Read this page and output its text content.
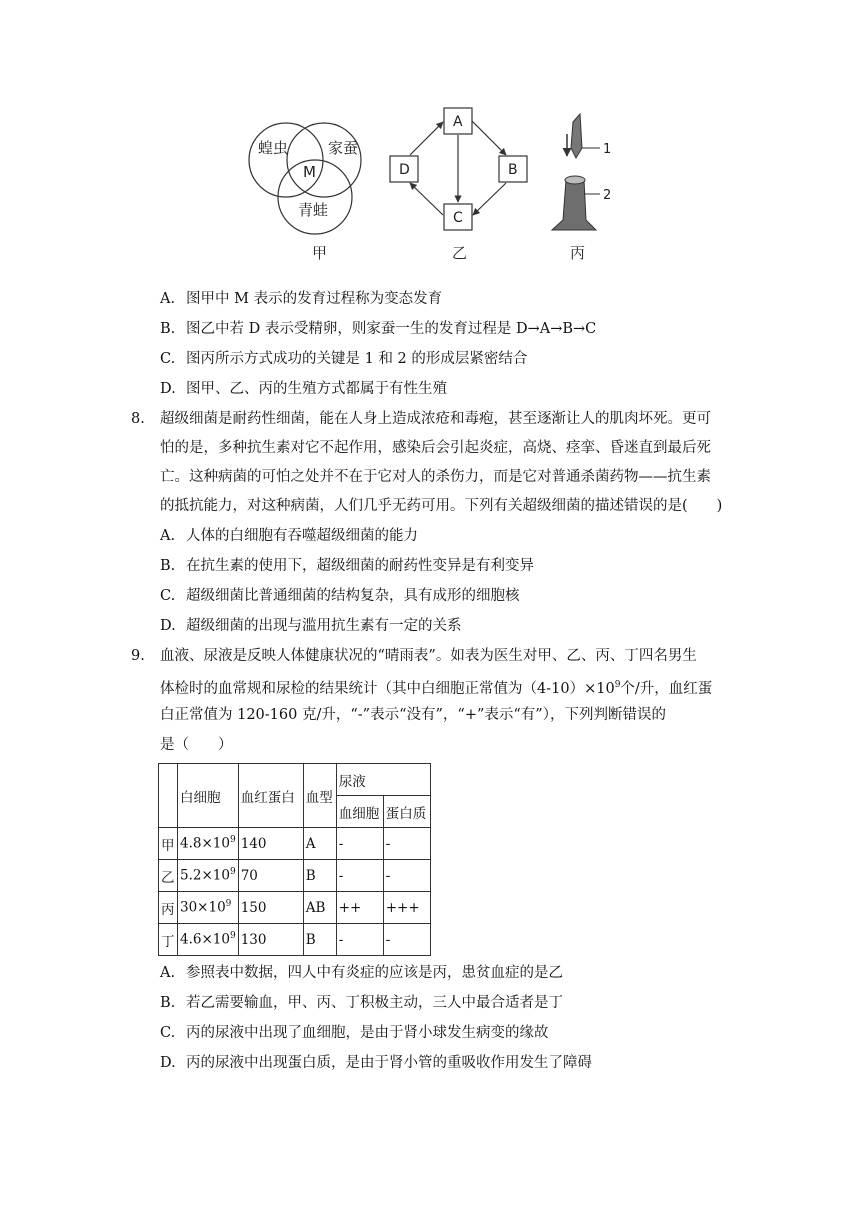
蝗虫	家蚕
青蛙
M
甲
A
B
C
D
乙
1
2
丙
A. 图甲中 M 表示的发育过程称为变态发育
B. 图乙中若 D 表示受精卵，则家蚕一生的发育过程是 D→A→B→C
C. 图丙所示方式成功的关键是 1 和 2 的形成层紧密结合
D. 图甲、乙、丙的生殖方式都属于有性生殖
8. 超级细菌是耐药性细菌，能在人身上造成浓疮和毒疱，甚至逐渐让人的肌肉坏死。更可
怕的是，多种抗生素对它不起作用，感染后会引起炎症，高烧、痉挛、昏迷直到最后死
亡。这种病菌的可怕之处并不在于它对人的杀伤力，而是它对普通杀菌药物——抗生素
的抵抗能力，对这种病菌，人们几乎无药可用。下列有关超级细菌的描述错误的是(　　)
A. 人体的白细胞有吞噬超级细菌的能力
B. 在抗生素的使用下，超级细菌的耐药性变异是有利变异
C. 超级细菌比普通细菌的结构复杂，具有成形的细胞核
D. 超级细菌的出现与滥用抗生素有一定的关系
9. 血液、尿液是反映人体健康状况的“晴雨表”。如表为医生对甲、乙、丙、丁四名男生
体检时的血常规和尿检的结果统计（其中白细胞正常值为$(4-10)\times 10^9$个/升，血红蛋
白正常值为 120-160 克/升，“-”表示“没有”，“+”表示“有”），下列判断错误的
是（　　）
	白细胞	血红蛋白	血型	尿液	
				血细胞	蛋白质
甲	$4.8\times 10^9$	140	A	-	-
乙	$5.2\times 10^9$	70	B	-	-
丙	$30\times 10^9$	150	AB	++	+++
丁	$4.6\times 10^9$	130	B	-	-
A. 参照表中数据，四人中有炎症的应该是丙，患贫血症的是乙
B. 若乙需要输血，甲、丙、丁积极主动，三人中最合适者是丁
C. 丙的尿液中出现了血细胞，是由于肾小球发生病变的缘故
D. 丙的尿液中出现蛋白质，是由于肾小管的重吸收作用发生了障碍
